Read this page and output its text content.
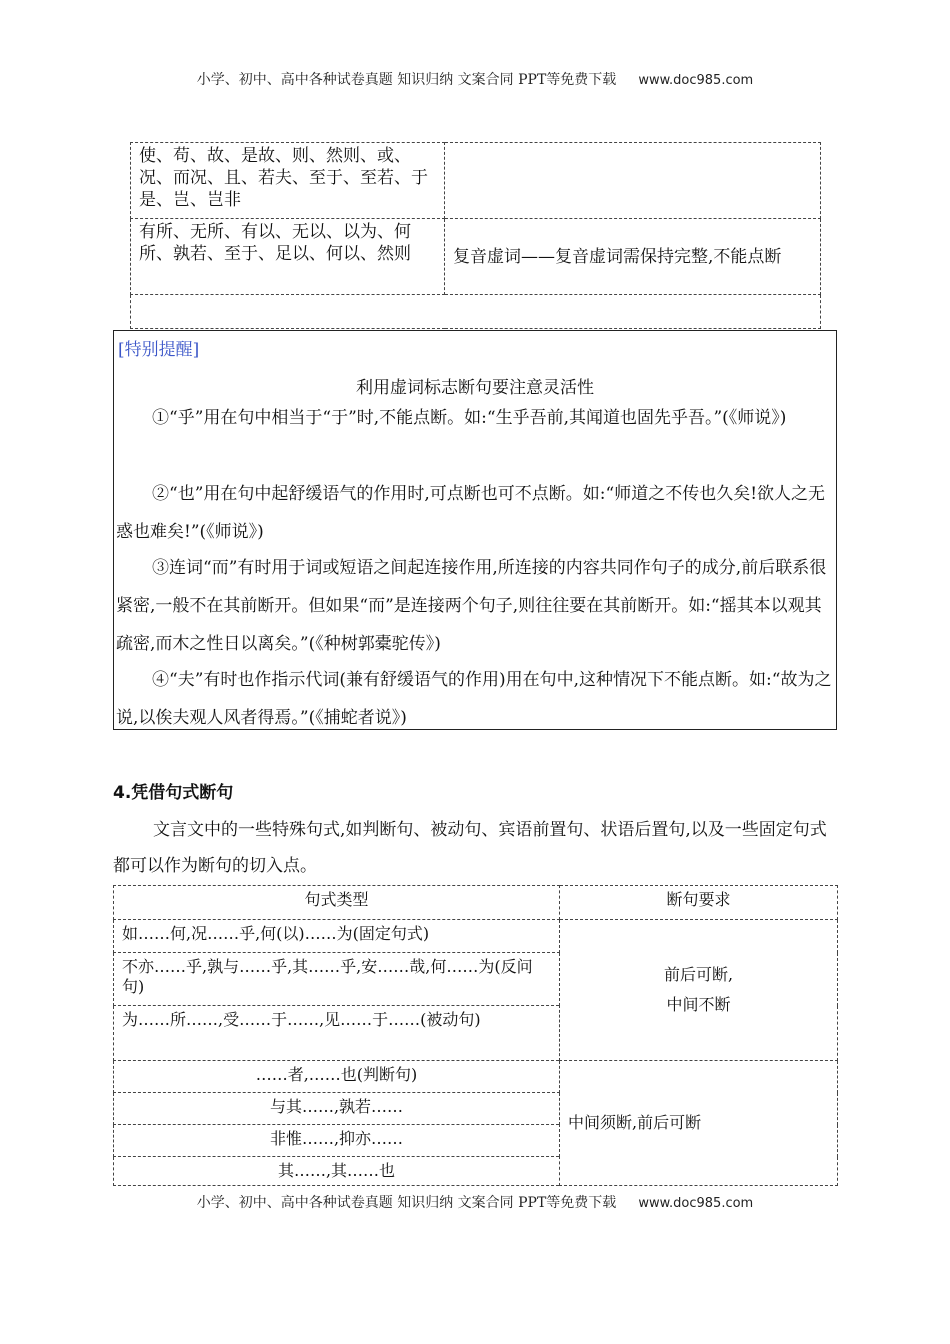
小学、初中、高中各种试卷真题 知识归纳 文案合同 PPT等免费下载 www.doc985.com
使、苟、故、是故、则、然则、或、况、而况、且、若夫、至于、至若、于是、岂、岂非	
有所、无所、有以、无以、以为、何所、孰若、至于、足以、何以、然则	复音虚词——复音虚词需保持完整,不能点断

[特别提醒]
利用虚词标志断句要注意灵活性
①“乎”用在句中相当于“于”时,不能点断。如:“生乎吾前,其闻道也固先乎吾。”(《师说》)
②“也”用在句中起舒缓语气的作用时,可点断也可不点断。如:“师道之不传也久矣!欲人之无惑也难矣!”(《师说》)
③连词“而”有时用于词或短语之间起连接作用,所连接的内容共同作句子的成分,前后联系很紧密,一般不在其前断开。但如果“而”是连接两个句子,则往往要在其前断开。如:“摇其本以观其疏密,而木之性日以离矣。”(《种树郭橐驼传》)
④“夫”有时也作指示代词(兼有舒缓语气的作用)用在句中,这种情况下不能点断。如:“故为之说,以俟夫观人风者得焉。”(《捕蛇者说》)
4.凭借句式断句
文言文中的一些特殊句式,如判断句、被动句、宾语前置句、状语后置句,以及一些固定句式都可以作为断句的切入点。
句式类型	断句要求
如……何,况……乎,何(以)……为(固定句式)	前后可断,
中间不断

不亦……乎,孰与……乎,其……乎,安……哉,何……为(反问句)	
为……所……,受……于……,见……于……(被动句)	
……者,……也(判断句)	中间须断,前后可断
与其……,孰若……	
非惟……,抑亦……	
其……,其……也	
小学、初中、高中各种试卷真题 知识归纳 文案合同 PPT等免费下载 www.doc985.com
